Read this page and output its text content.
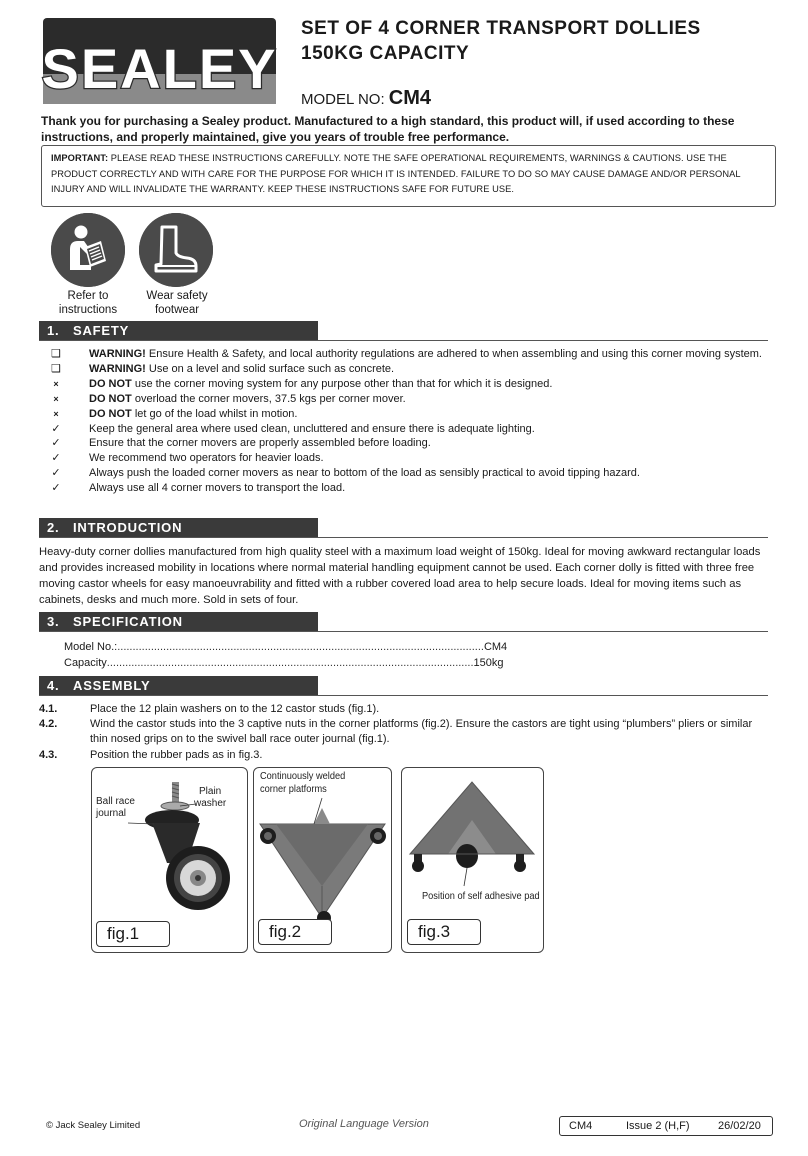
SEALEY
SET OF 4 CORNER TRANSPORT DOLLIES
150KG CAPACITY
MODEL NO: CM4
Thank you for purchasing a Sealey product. Manufactured to a high standard, this product will, if used according to these instructions, and properly maintained, give you years of trouble free performance.
IMPORTANT: PLEASE READ THESE INSTRUCTIONS CAREFULLY. NOTE THE SAFE OPERATIONAL REQUIREMENTS, WARNINGS & CAUTIONS. USE THE PRODUCT CORRECTLY AND WITH CARE FOR THE PURPOSE FOR WHICH IT IS INTENDED. FAILURE TO DO SO MAY CAUSE DAMAGE AND/OR PERSONAL INJURY AND WILL INVALIDATE THE WARRANTY. KEEP THESE INSTRUCTIONS SAFE FOR FUTURE USE.
Refer to
instructions
Wear safety
footwear
1. SAFETY
❑	WARNING! Ensure Health & Safety, and local authority regulations are adhered to when assembling and using this corner moving system.
❑	WARNING! Use on a level and solid surface such as concrete.
×	DO NOT use the corner moving system for any purpose other than that for which it is designed.
×	DO NOT overload the corner movers, 37.5 kgs per corner mover.
×	DO NOT let go of the load whilst in motion.
✓	Keep the general area where used clean, uncluttered and ensure there is adequate lighting.
✓	Ensure that the corner movers are properly assembled before loading.
✓	We recommend two operators for heavier loads.
✓	Always push the loaded corner movers as near to bottom of the load as sensibly practical to avoid tipping hazard.
✓	Always use all 4 corner movers to transport the load.
2. INTRODUCTION
Heavy-duty corner dollies manufactured from high quality steel with a maximum load weight of 150kg. Ideal for moving awkward rectangular loads and provides increased mobility in locations where normal material handling equipment cannot be used. Each corner dolly is fitted with three free moving castor wheels for easy manoeuvrability and fitted with a rubber covered load area to help secure loads. Ideal for moving items such as cabinets, desks and much more. Sold in sets of four.
3. SPECIFICATION
Model No.: ........................................................................................................................ CM4
Capacity ........................................................................................................................ 150kg
4. ASSEMBLY
4.1.	Place the 12 plain washers on to the 12 castor studs (fig.1).
4.2.	Wind the castor studs into the 3 captive nuts in the corner platforms (fig.2). Ensure the castors are tight using “plumbers” pliers or similar thin nosed grips on to the swivel ball race outer journal (fig.1).
4.3.	Position the rubber pads as in fig.3.
Ball race
journal
Plain
washer
fig.1
Continuously welded
corner platforms
fig.2
Position of self adhesive pad
fig.3
© Jack Sealey Limited	Original Language Version	CM4	Issue 2 (H,F)	26/02/20
